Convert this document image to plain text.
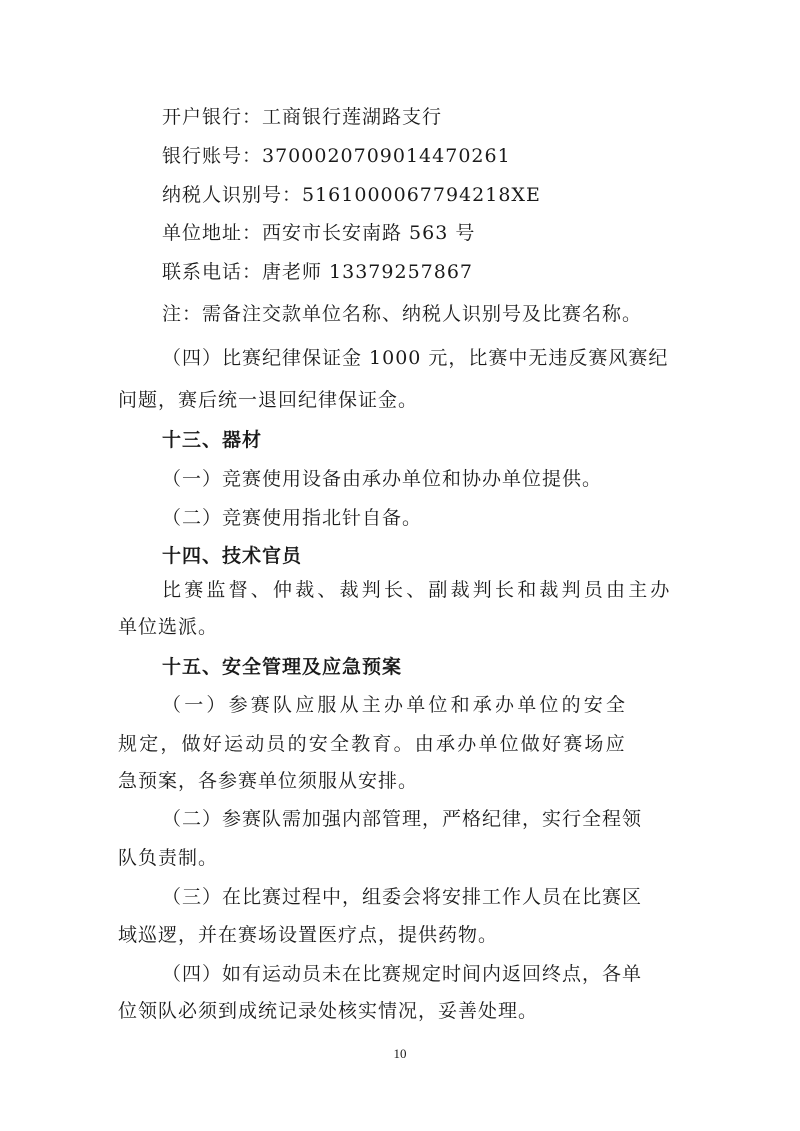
开户银行：工商银行莲湖路支行
银行账号：3700020709014470261
纳税人识别号：5161000067794218XE
单位地址：西安市长安南路 563 号
联系电话：唐老师 13379257867
注：需备注交款单位名称、纳税人识别号及比赛名称。
（四）比赛纪律保证金 1000 元，比赛中无违反赛风赛纪
问题，赛后统一退回纪律保证金。
十三、器材
（一）竞赛使用设备由承办单位和协办单位提供。
（二）竞赛使用指北针自备。
十四、技术官员
比赛监督、仲裁、裁判长、副裁判长和裁判员由主办
单位选派。
十五、安全管理及应急预案
（一）参赛队应服从主办单位和承办单位的安全
规定，做好运动员的安全教育。由承办单位做好赛场应
急预案，各参赛单位须服从安排。
（二）参赛队需加强内部管理，严格纪律，实行全程领
队负责制。
（三）在比赛过程中，组委会将安排工作人员在比赛区
域巡逻，并在赛场设置医疗点，提供药物。
（四）如有运动员未在比赛规定时间内返回终点，各单
位领队必须到成统记录处核实情况，妥善处理。
10
